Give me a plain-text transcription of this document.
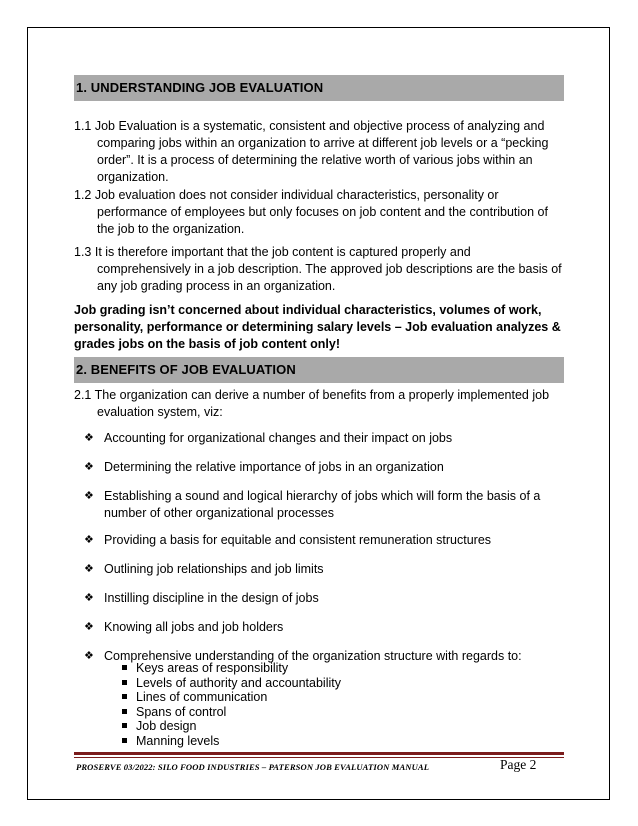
1. UNDERSTANDING JOB EVALUATION
1.1 Job Evaluation is a systematic, consistent and objective process of analyzing and
comparing jobs within an organization to arrive at different job levels or a “pecking order”. It is a process of determining the relative worth of various jobs within an organization.
1.2 Job evaluation does not consider individual characteristics, personality or
performance of employees but only focuses on job content and the contribution of the job to the organization.
1.3 It is therefore important that the job content is captured properly and
comprehensively in a job description. The approved job descriptions are the basis of any job grading process in an organization.
Job grading isn’t concerned about individual characteristics, volumes of work, personality, performance or determining salary levels – Job evaluation analyzes & grades jobs on the basis of job content only!
2. BENEFITS OF JOB EVALUATION
2.1 The organization can derive a number of benefits from a properly implemented job
evaluation system, viz:
❖ Accounting for organizational changes and their impact on jobs
❖ Determining the relative importance of jobs in an organization
❖ Establishing a sound and logical hierarchy of jobs which will form the basis of a number of other organizational processes
❖ Providing a basis for equitable and consistent remuneration structures
❖ Outlining job relationships and job limits
❖ Instilling discipline in the design of jobs
❖ Knowing all jobs and job holders
❖ Comprehensive understanding of the organization structure with regards to:
Keys areas of responsibility
Levels of authority and accountability
Lines of communication
Spans of control
Job design
Manning levels
PROSERVE 03/2022: SILO FOOD INDUSTRIES – PATERSON JOB EVALUATION MANUAL	Page 2
